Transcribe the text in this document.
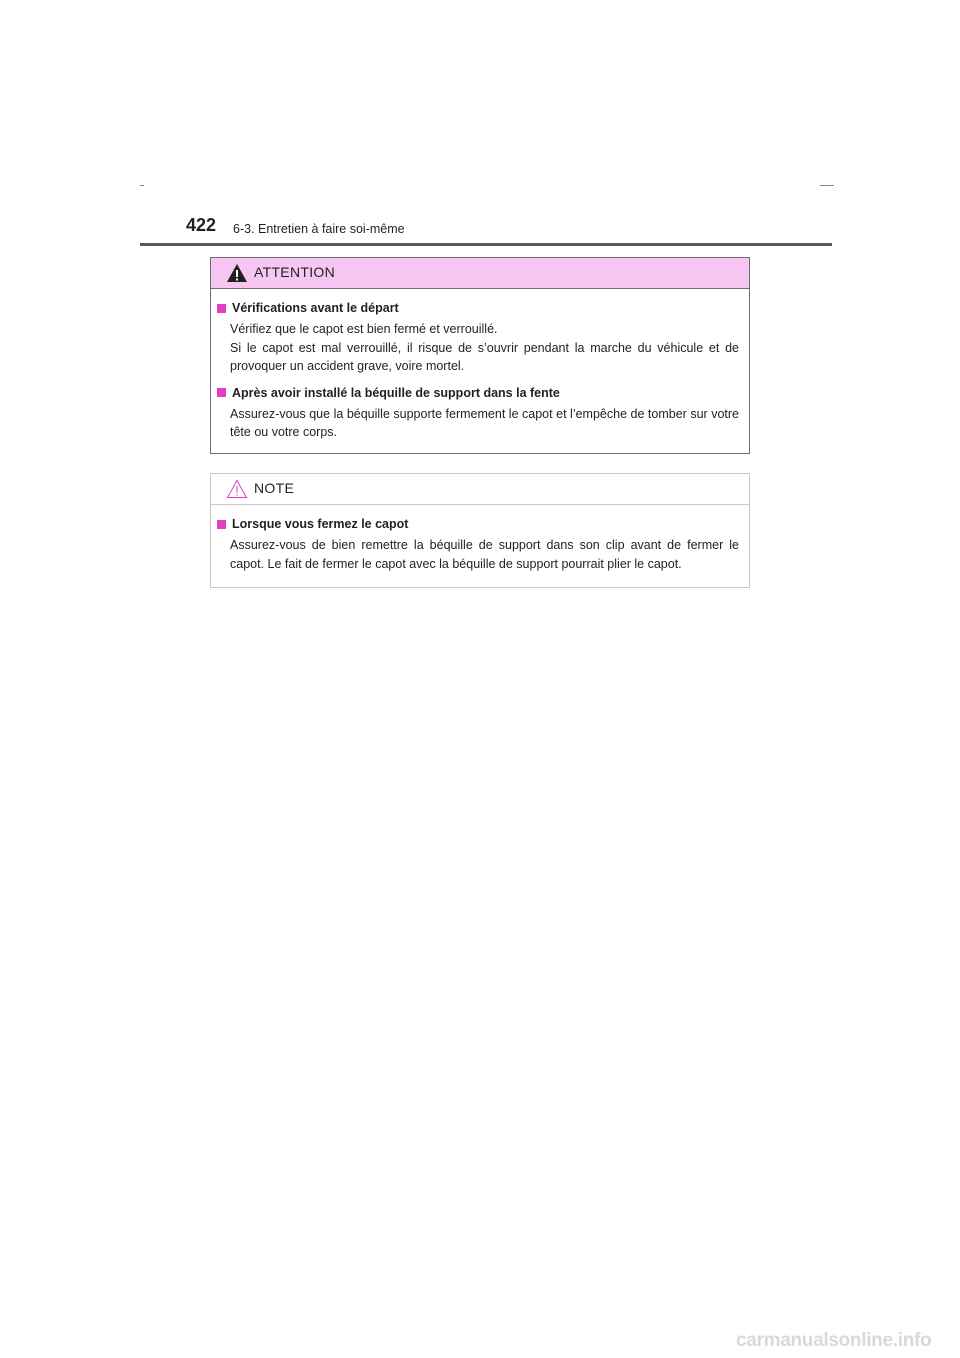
422 6-3. Entretien à faire soi-même
ATTENTION
Vérifications avant le départ

Vérifiez que le capot est bien fermé et verrouillé.

Si le capot est mal verrouillé, il risque de s’ouvrir pendant la marche du véhicule et de provoquer un accident grave, voire mortel.

Après avoir installé la béquille de support dans la fente

Assurez-vous que la béquille supporte fermement le capot et l’empêche de tomber sur votre tête ou votre corps.

NOTE
Lorsque vous fermez le capot

Assurez-vous de bien remettre la béquille de support dans son clip avant de fermer le capot. Le fait de fermer le capot avec la béquille de support pourrait plier le capot.

carmanualsonline.info
